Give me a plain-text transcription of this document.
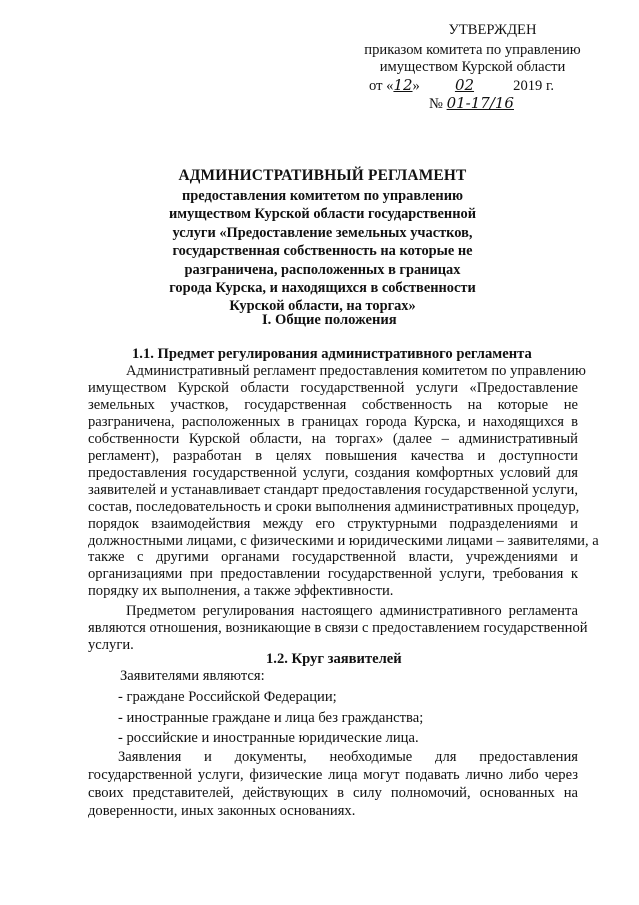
УТВЕРЖДЕН
приказом комитета по управлению
имуществом Курской области
от «12» 02	2019 г.
№ 01-17/16
АДМИНИСТРАТИВНЫЙ РЕГЛАМЕНТ
предоставления комитетом по управлению
имуществом Курской области государственной
услуги «Предоставление земельных участков,
государственная собственность на которые не
разграничена, расположенных в границах
города Курска, и находящихся в собственности
Курской области, на торгах»
I. Общие положения
1.1. Предмет регулирования административного регламента
Административный регламент предоставления комитетом по управлению
имуществом Курской области государственной услуги «Предоставление
земельных участков, государственная собственность на которые не
разграничена, расположенных в границах города Курска, и находящихся в
собственности Курской области, на торгах» (далее – административный
регламент), разработан в целях повышения качества и доступности
предоставления государственной услуги, создания комфортных условий для
заявителей и устанавливает стандарт предоставления государственной услуги,
состав, последовательность и сроки выполнения административных процедур,
порядок взаимодействия между его структурными подразделениями и
должностными лицами, с физическими и юридическими лицами – заявителями, а
также с другими органами государственной власти, учреждениями и
организациями при предоставлении государственной услуги, требования к
порядку их выполнения, а также эффективности.
Предметом регулирования настоящего административного регламента
являются отношения, возникающие в связи с предоставлением государственной
услуги.
1.2. Круг заявителей
Заявителями являются:
- граждане Российской Федерации;
- иностранные граждане и лица без гражданства;
- российские и иностранные юридические лица.
Заявления и документы, необходимые для предоставления
государственной услуги, физические лица могут подавать лично либо через
своих представителей, действующих в силу полномочий, основанных на
доверенности, иных законных основаниях.
